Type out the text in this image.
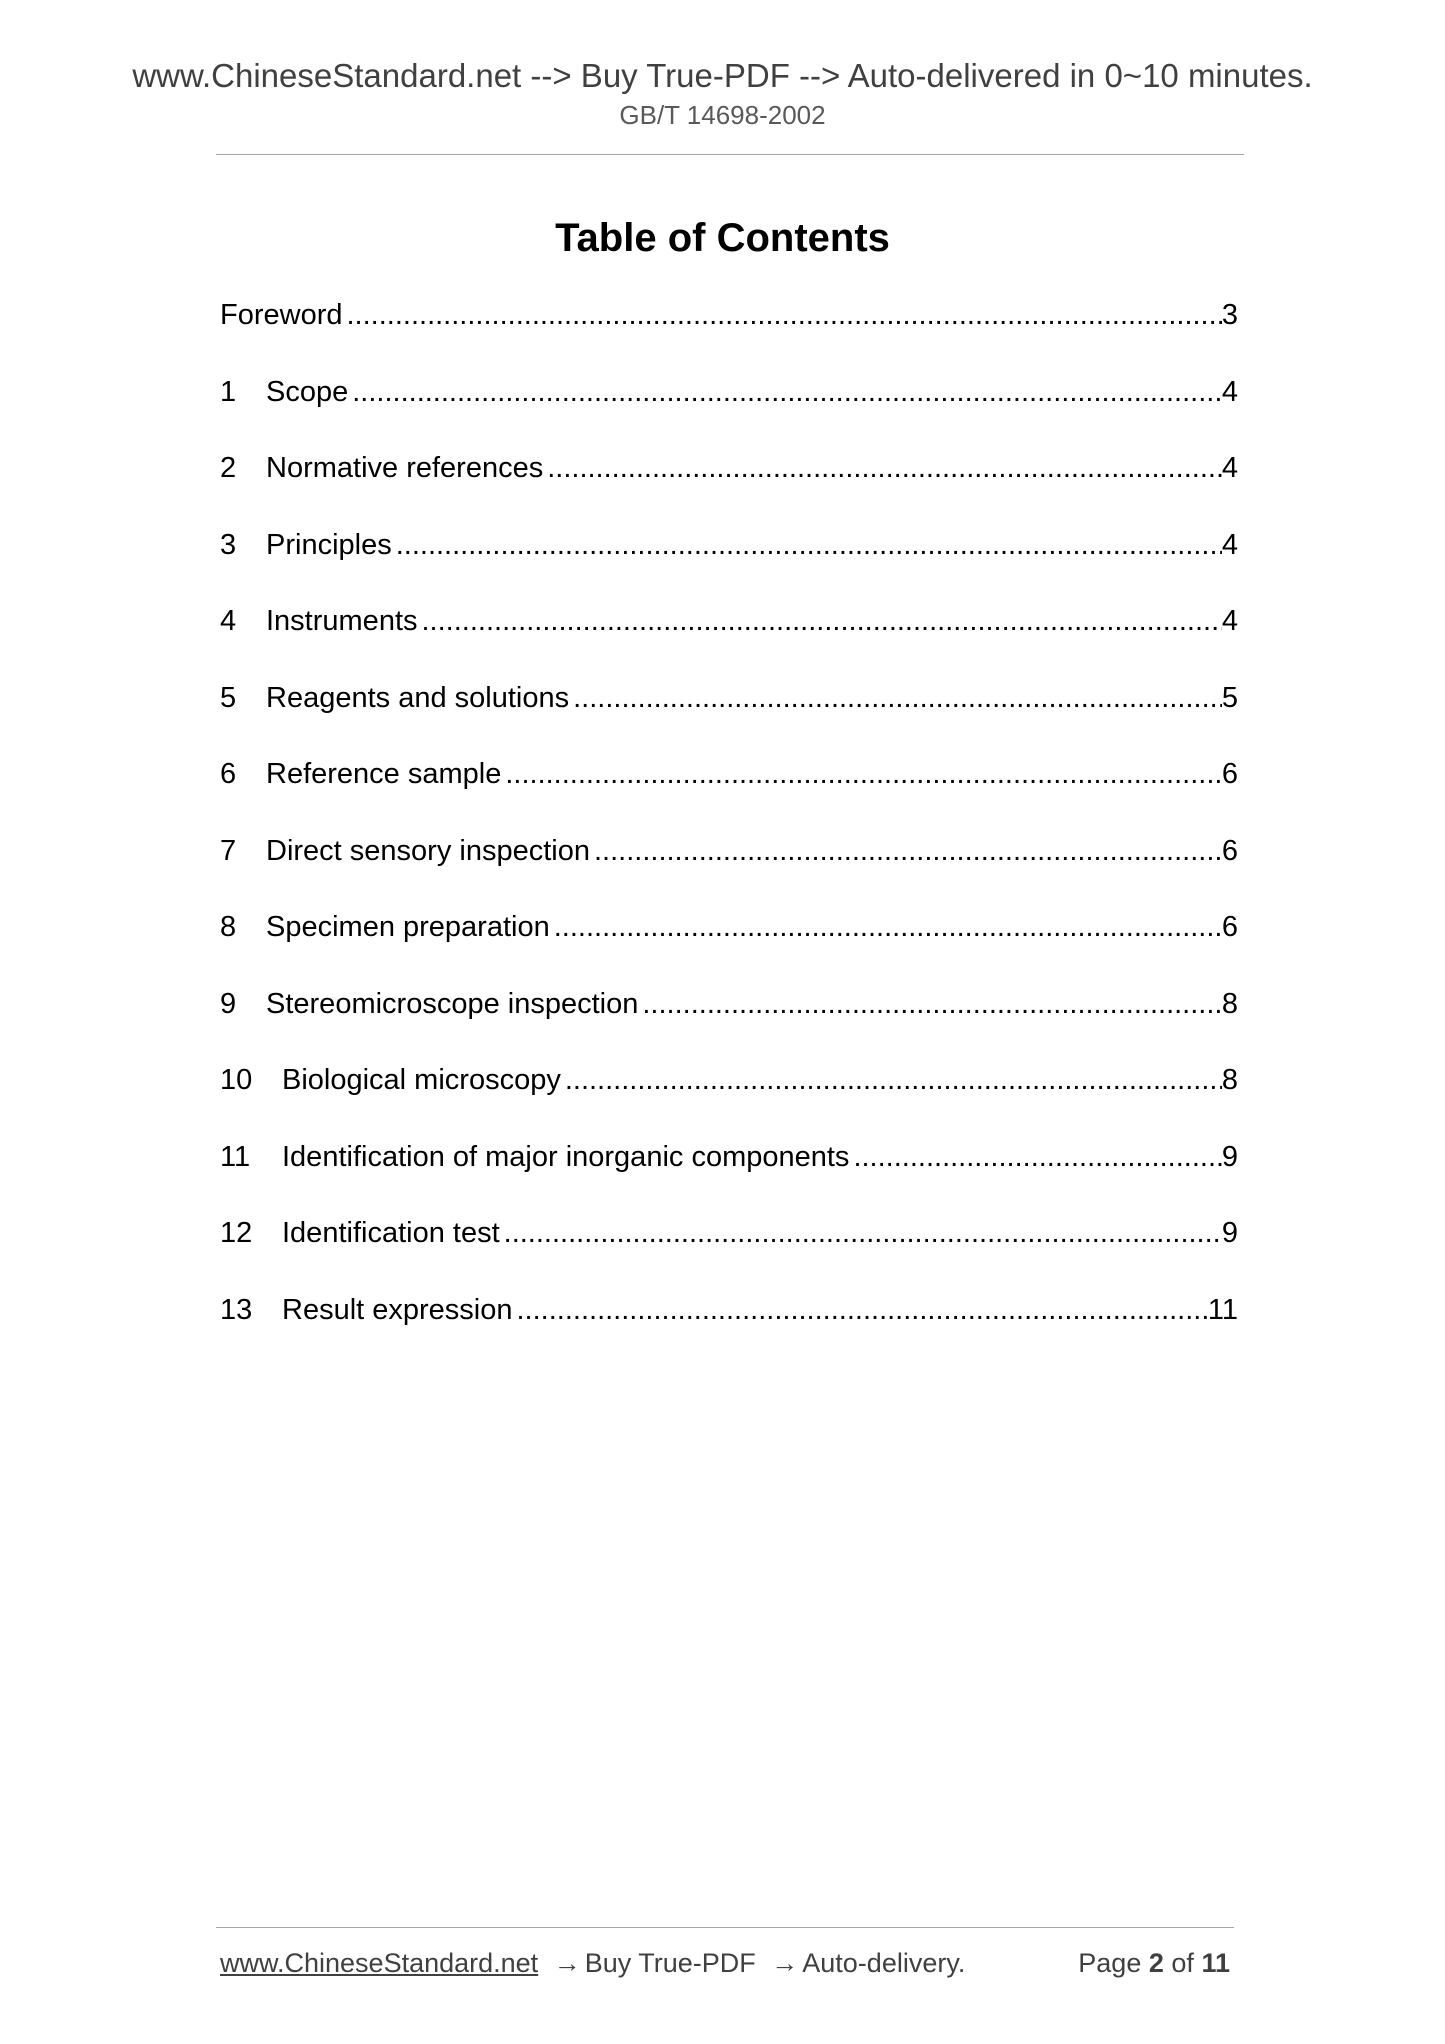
www.ChineseStandard.net --> Buy True-PDF --> Auto-delivered in 0~10 minutes.
GB/T 14698-2002
Table of Contents
Foreword .....	3
1	Scope .....	4
2	Normative references .....	4
3	Principles .....	4
4	Instruments .....	4
5	Reagents and solutions .....	5
6	Reference sample .....	6
7	Direct sensory inspection .....	6
8	Specimen preparation .....	6
9	Stereomicroscope inspection .....	8
10	Biological microscopy .....	8
11	Identification of major inorganic components .....	9
12	Identification test .....	9
13	Result expression .....	11
www.ChineseStandard.net → Buy True-PDF → Auto-delivery.	Page 2 of 11
